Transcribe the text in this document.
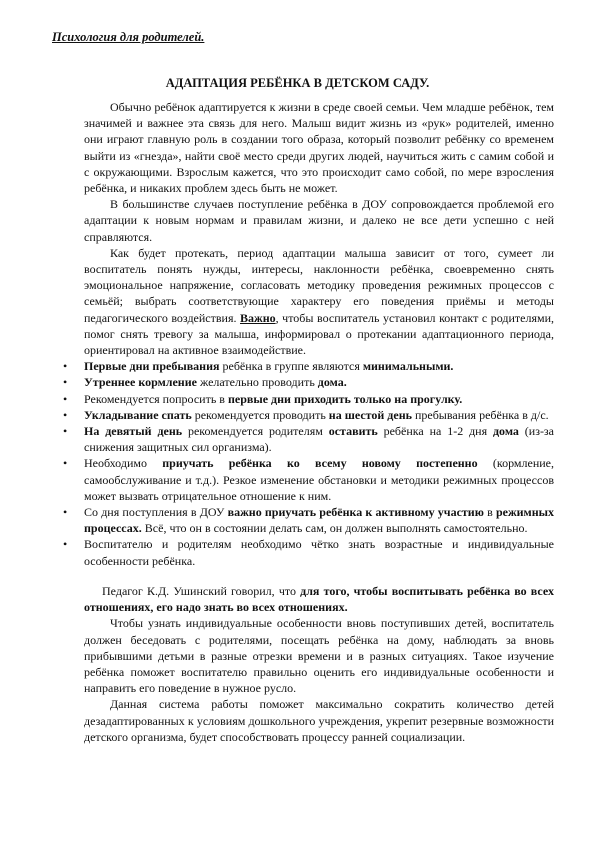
Психология для родителей.
АДАПТАЦИЯ РЕБЁНКА В ДЕТСКОМ САДУ.

Обычно ребёнок адаптируется к жизни в среде своей семьи. Чем младше ребёнок, тем значимей и важнее эта связь для него. Малыш видит жизнь из «рук» родителей, именно они играют главную роль в создании того образа, который позволит ребёнку со временем выйти из «гнезда», найти своё место среди других людей, научиться жить с самим собой и с окружающими. Взрослым кажется, что это происходит само собой, по мере взросления ребёнка, и никаких проблем здесь быть не может.

В большинстве случаев поступление ребёнка в ДОУ сопровождается проблемой его адаптации к новым нормам и правилам жизни, и далеко не все дети успешно с ней справляются.

Как будет протекать, период адаптации малыша зависит от того, сумеет ли воспитатель понять нужды, интересы, наклонности ребёнка, своевременно снять эмоциональное напряжение, согласовать методику проведения режимных процессов с семьёй; выбрать соответствующие характеру его поведения приёмы и методы педагогического воздействия. Важно, чтобы воспитатель установил контакт с родителями, помог снять тревогу за малыша, информировал о протекании адаптационного периода, ориентировал на активное взаимодействие.

• Первые дни пребывания ребёнка в группе являются минимальными.
• Утреннее кормление желательно проводить дома.
• Рекомендуется попросить в первые дни приходить только на прогулку.
• Укладывание спать рекомендуется проводить на шестой день пребывания ребёнка в д/с.
• На девятый день рекомендуется родителям оставить ребёнка на 1-2 дня дома (из-за снижения защитных сил организма).
• Необходимо приучать ребёнка ко всему новому постепенно (кормление, самообслуживание и т.д.). Резкое изменение обстановки и методики режимных процессов может вызвать отрицательное отношение к ним.
• Со дня поступления в ДОУ важно приучать ребёнка к активному участию в режимных процессах. Всё, что он в состоянии делать сам, он должен выполнять самостоятельно.
• Воспитателю и родителям необходимо чётко знать возрастные и индивидуальные особенности ребёнка.

Педагог К.Д. Ушинский говорил, что для того, чтобы воспитывать ребёнка во всех отношениях, его надо знать во всех отношениях.

Чтобы узнать индивидуальные особенности вновь поступивших детей, воспитатель должен беседовать с родителями, посещать ребёнка на дому, наблюдать за вновь прибывшими детьми в разные отрезки времени и в разных ситуациях. Такое изучение ребёнка поможет воспитателю правильно оценить его индивидуальные особенности и направить его поведение в нужное русло.

Данная система работы поможет максимально сократить количество детей дезадаптированных к условиям дошкольного учреждения, укрепит резервные возможности детского организма, будет способствовать процессу ранней социализации.
